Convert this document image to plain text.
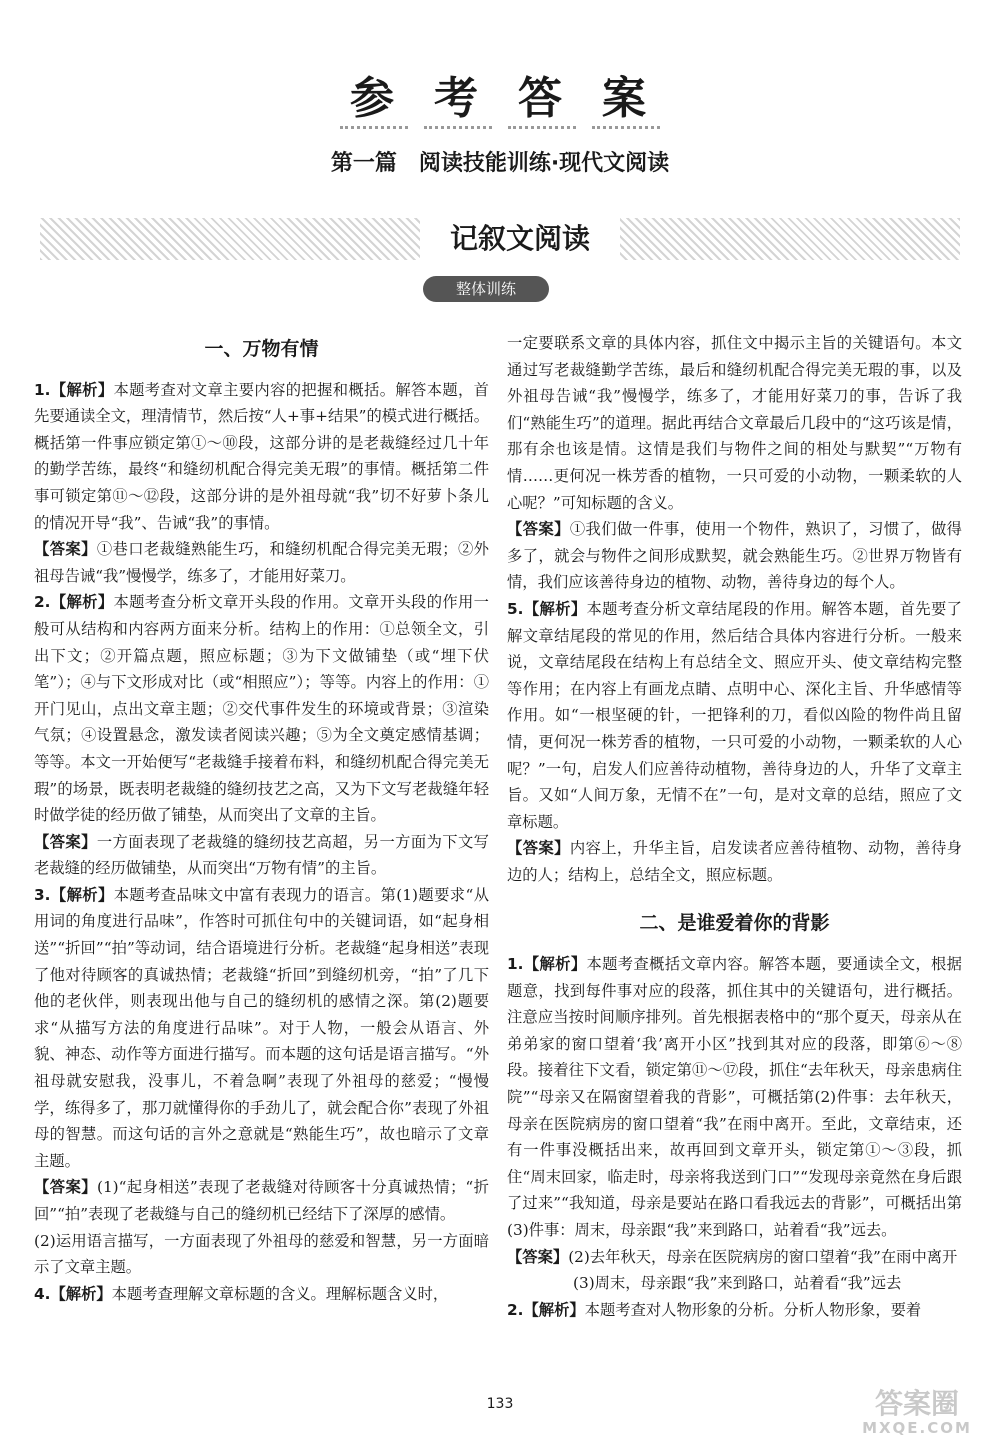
参 考 答 案
第一篇　阅读技能训练·现代文阅读
记叙文阅读
整体训练
一、万物有情

1.【解析】本题考查对文章主要内容的把握和概括。解答本题，首先要通读全文，理清情节，然后按“人+事+结果”的模式进行概括。概括第一件事应锁定第①～⑩段，这部分讲的是老裁缝经过几十年的勤学苦练，最终“和缝纫机配合得完美无瑕”的事情。概括第二件事可锁定第⑪～⑫段，这部分讲的是外祖母就“我”切不好萝卜条儿的情况开导“我”、告诫“我”的事情。

【答案】①巷口老裁缝熟能生巧，和缝纫机配合得完美无瑕；②外祖母告诫“我”慢慢学，练多了，才能用好菜刀。

2.【解析】本题考查分析文章开头段的作用。文章开头段的作用一般可从结构和内容两方面来分析。结构上的作用：①总领全文，引出下文；②开篇点题，照应标题；③为下文做铺垫（或“埋下伏笔”）；④与下文形成对比（或“相照应”）；等等。内容上的作用：①开门见山，点出文章主题；②交代事件发生的环境或背景；③渲染气氛；④设置悬念，激发读者阅读兴趣；⑤为全文奠定感情基调；等等。本文一开始便写“老裁缝手接着布料，和缝纫机配合得完美无瑕”的场景，既表明老裁缝的缝纫技艺之高，又为下文写老裁缝年轻时做学徒的经历做了铺垫，从而突出了文章的主旨。

【答案】一方面表现了老裁缝的缝纫技艺高超，另一方面为下文写老裁缝的经历做铺垫，从而突出“万物有情”的主旨。

3.【解析】本题考查品味文中富有表现力的语言。第(1)题要求“从用词的角度进行品味”，作答时可抓住句中的关键词语，如“起身相送”“折回”“拍”等动词，结合语境进行分析。老裁缝“起身相送”表现了他对待顾客的真诚热情；老裁缝“折回”到缝纫机旁，“拍”了几下他的老伙伴，则表现出他与自己的缝纫机的感情之深。第(2)题要求“从描写方法的角度进行品味”。对于人物，一般会从语言、外貌、神态、动作等方面进行描写。而本题的这句话是语言描写。“外祖母就安慰我，没事儿，不着急啊”表现了外祖母的慈爱；“慢慢学，练得多了，那刀就懂得你的手劲儿了，就会配合你”表现了外祖母的智慧。而这句话的言外之意就是“熟能生巧”，故也暗示了文章主题。

【答案】(1)“起身相送”表现了老裁缝对待顾客十分真诚热情；“折回”“拍”表现了老裁缝与自己的缝纫机已经结下了深厚的感情。

(2)运用语言描写，一方面表现了外祖母的慈爱和智慧，另一方面暗示了文章主题。

4.【解析】本题考查理解文章标题的含义。理解标题含义时，

一定要联系文章的具体内容，抓住文中揭示主旨的关键语句。本文通过写老裁缝勤学苦练，最后和缝纫机配合得完美无瑕的事，以及外祖母告诫“我”慢慢学，练多了，才能用好菜刀的事，告诉了我们“熟能生巧”的道理。据此再结合文章最后几段中的“这巧该是情，那有余也该是情。这情是我们与物件之间的相处与默契”“万物有情……更何况一株芳香的植物，一只可爱的小动物，一颗柔软的人心呢？”可知标题的含义。

【答案】①我们做一件事，使用一个物件，熟识了，习惯了，做得多了，就会与物件之间形成默契，就会熟能生巧。②世界万物皆有情，我们应该善待身边的植物、动物，善待身边的每个人。

5.【解析】本题考查分析文章结尾段的作用。解答本题，首先要了解文章结尾段的常见的作用，然后结合具体内容进行分析。一般来说，文章结尾段在结构上有总结全文、照应开头、使文章结构完整等作用；在内容上有画龙点睛、点明中心、深化主旨、升华感情等作用。如“一根坚硬的针，一把锋利的刀，看似凶险的物件尚且留情，更何况一株芳香的植物，一只可爱的小动物，一颗柔软的人心呢？”一句，启发人们应善待动植物，善待身边的人，升华了文章主旨。又如“人间万象，无情不在”一句，是对文章的总结，照应了文章标题。

【答案】内容上，升华主旨，启发读者应善待植物、动物，善待身边的人；结构上，总结全文，照应标题。

二、是谁爱着你的背影

1.【解析】本题考查概括文章内容。解答本题，要通读全文，根据题意，找到每件事对应的段落，抓住其中的关键语句，进行概括。注意应当按时间顺序排列。首先根据表格中的“那个夏天，母亲从在弟弟家的窗口望着‘我’离开小区”找到其对应的段落，即第⑥～⑧段。接着往下文看，锁定第⑪～⑰段，抓住“去年秋天，母亲患病住院”“母亲又在隔窗望着我的背影”，可概括第(2)件事：去年秋天，母亲在医院病房的窗口望着“我”在雨中离开。至此，文章结束，还有一件事没概括出来，故再回到文章开头，锁定第①～③段，抓住“周末回家，临走时，母亲将我送到门口”“发现母亲竟然在身后跟了过来”“我知道，母亲是要站在路口看我远去的背影”，可概括出第(3)件事：周末，母亲跟“我”来到路口，站着看“我”远去。

【答案】(2)去年秋天，母亲在医院病房的窗口望着“我”在雨中离开

(3)周末，母亲跟“我”来到路口，站着看“我”远去

2.【解析】本题考查对人物形象的分析。分析人物形象，要着

133	答案圈
MXQE.COM
